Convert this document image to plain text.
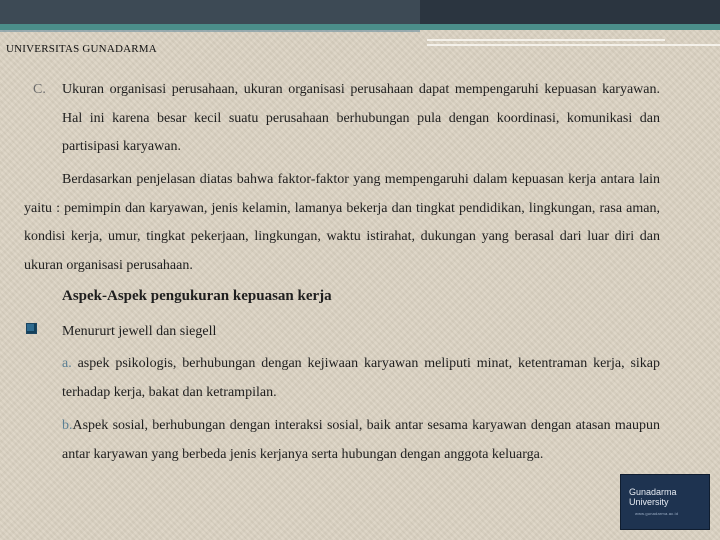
UNIVERSITAS GUNADARMA
C. Ukuran organisasi perusahaan, ukuran organisasi perusahaan dapat mempengaruhi kepuasan karyawan. Hal ini karena besar kecil suatu perusahaan berhubungan pula dengan koordinasi, komunikasi dan partisipasi karyawan.
Berdasarkan penjelasan diatas bahwa faktor-faktor yang mempengaruhi dalam kepuasan kerja antara lain yaitu : pemimpin dan karyawan, jenis kelamin, lamanya bekerja dan tingkat pendidikan, lingkungan, rasa aman, kondisi kerja, umur, tingkat pekerjaan, lingkungan, waktu istirahat, dukungan yang berasal dari luar diri dan ukuran organisasi perusahaan.
Aspek-Aspek pengukuran kepuasan kerja
Menururt jewell dan siegell
a. aspek psikologis, berhubungan dengan kejiwaan karyawan meliputi minat, ketentraman kerja, sikap terhadap kerja, bakat dan ketrampilan.
b.Aspek sosial, berhubungan dengan interaksi sosial, baik antar sesama karyawan dengan atasan maupun antar karyawan yang berbeda jenis kerjanya serta hubungan dengan anggota keluarga.
Gunadarma
University
www.gunadarma.ac.id
